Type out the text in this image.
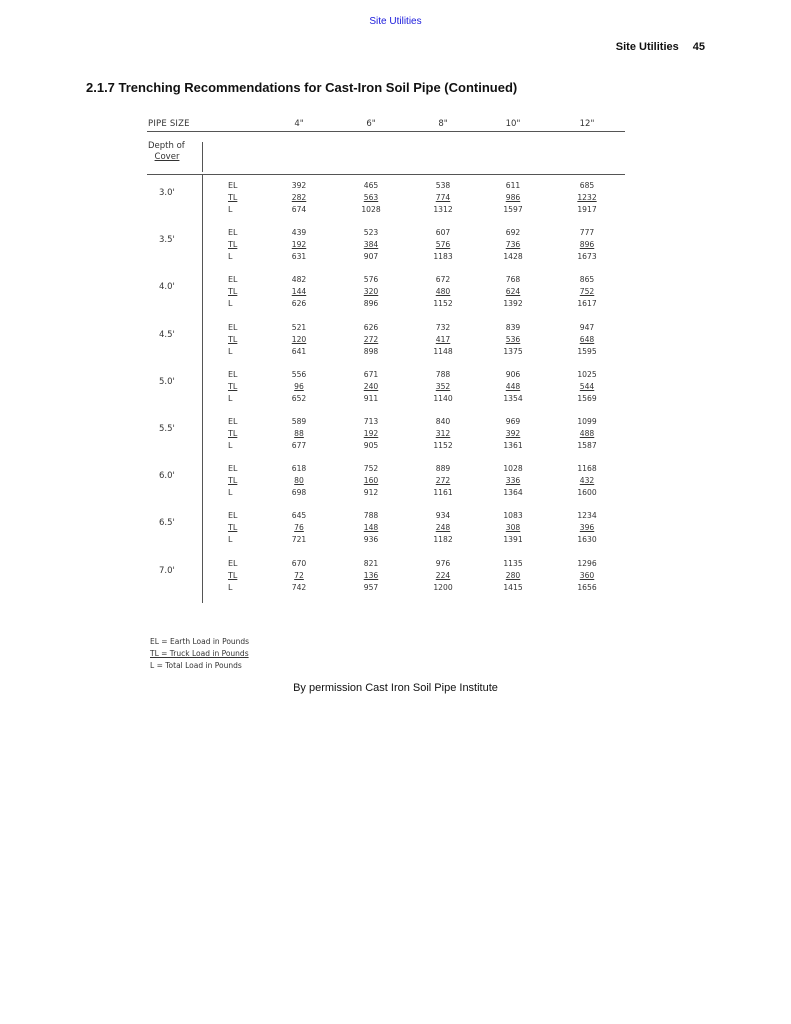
Site Utilities
Site Utilities 45
2.1.7 Trenching Recommendations for Cast-Iron Soil Pipe (Continued)
PIPE SIZE	4"	6"	8"	10"	12"
Depth of
Cover
3.0'
EL	392	465	538	611	685
TL	282	563	774	986	1232
L	674	1028	1312	1597	1917
3.5'
EL	439	523	607	692	777
TL	192	384	576	736	896
L	631	907	1183	1428	1673
4.0'
EL	482	576	672	768	865
TL	144	320	480	624	752
L	626	896	1152	1392	1617
4.5'
EL	521	626	732	839	947
TL	120	272	417	536	648
L	641	898	1148	1375	1595
5.0'
EL	556	671	788	906	1025
TL	96	240	352	448	544
L	652	911	1140	1354	1569
5.5'
EL	589	713	840	969	1099
TL	88	192	312	392	488
L	677	905	1152	1361	1587
6.0'
EL	618	752	889	1028	1168
TL	80	160	272	336	432
L	698	912	1161	1364	1600
6.5'
EL	645	788	934	1083	1234
TL	76	148	248	308	396
L	721	936	1182	1391	1630
7.0'
EL	670	821	976	1135	1296
TL	72	136	224	280	360
L	742	957	1200	1415	1656
EL = Earth Load in Pounds
TL = Truck Load in Pounds
L = Total Load in Pounds
By permission Cast Iron Soil Pipe Institute
